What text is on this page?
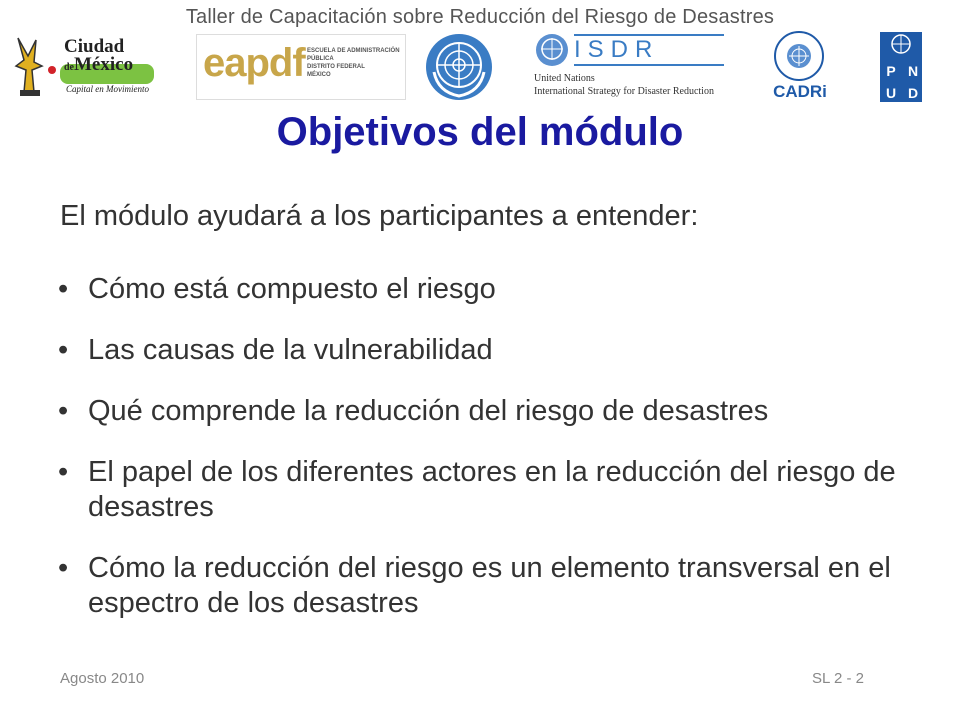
Taller de Capacitación sobre Reducción del Riesgo de Desastres
Ciudad
deMéxico
Capital en Movimiento
eapdf ESCUELA DE ADMINISTRACIÓN PÚBLICA
DISTRITO FEDERAL
MÉXICO
ISDR
United Nations
International Strategy for Disaster Reduction	CADRi
P N
U D
Objetivos del módulo
El módulo ayudará a los participantes a entender:
• Cómo está compuesto el riesgo
• Las causas de la vulnerabilidad
• Qué comprende la reducción del riesgo de desastres
• El papel de los diferentes actores en la reducción del riesgo de desastres
• Cómo la reducción del riesgo es un elemento transversal en el espectro de los desastres
Agosto 2010	SL 2 - 2
